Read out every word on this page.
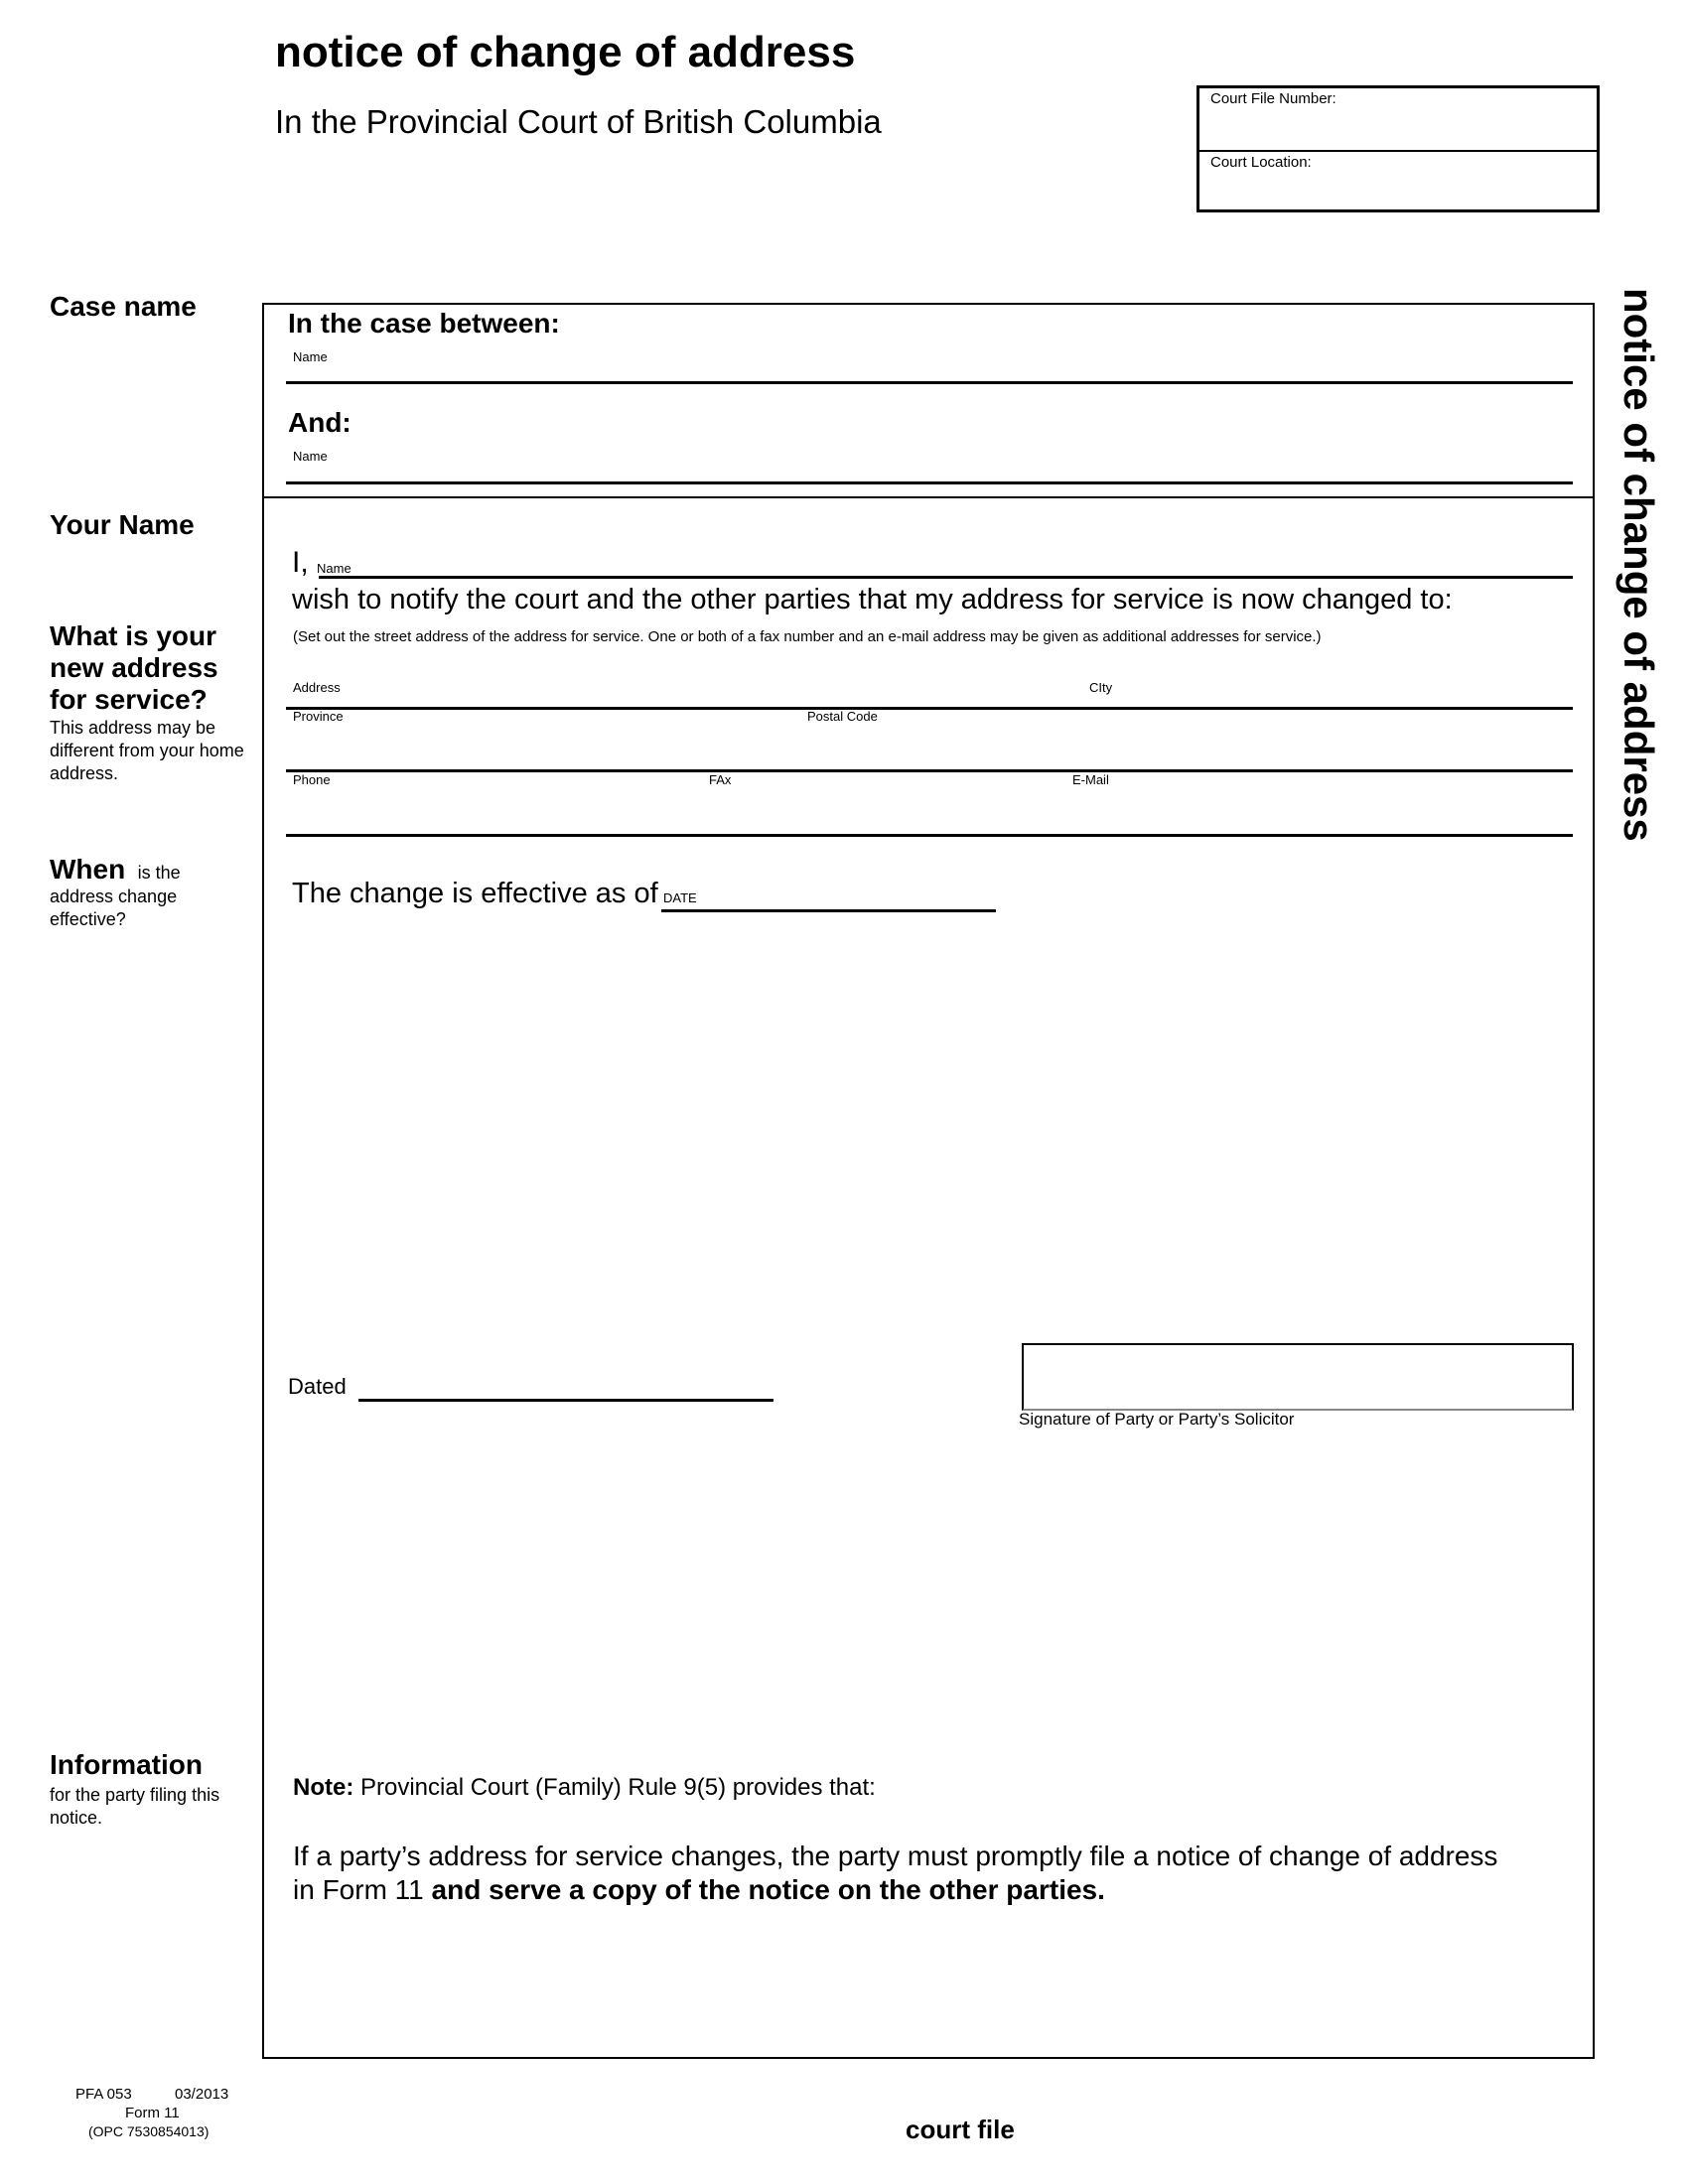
notice of change of address
In the Provincial Court of British Columbia
Court File Number:
Court Location:
notice of change of address
Case name
Your Name
What is your new address for service?
This address may be different from your home address.
When is the address change effective?
Information
for the party filing this notice.
In the case between:
Name
And:
Name
I, Name
wish to notify the court and the other parties that my address for service is now changed to:
(Set out the street address of the address for service. One or both of a fax number and an e-mail address may be given as additional addresses for service.)
Address	CIty
Province	Postal Code
Phone	FAx	E-Mail
The change is effective as of DATE
Dated
Signature of Party or Party’s Solicitor
Note: Provincial Court (Family) Rule 9(5) provides that:
If a party’s address for service changes, the party must promptly file a notice of change of address
in Form 11 and serve a copy of the notice on the other parties.
PFA 053	03/2013
Form 11
(OPC 7530854013)	court file
